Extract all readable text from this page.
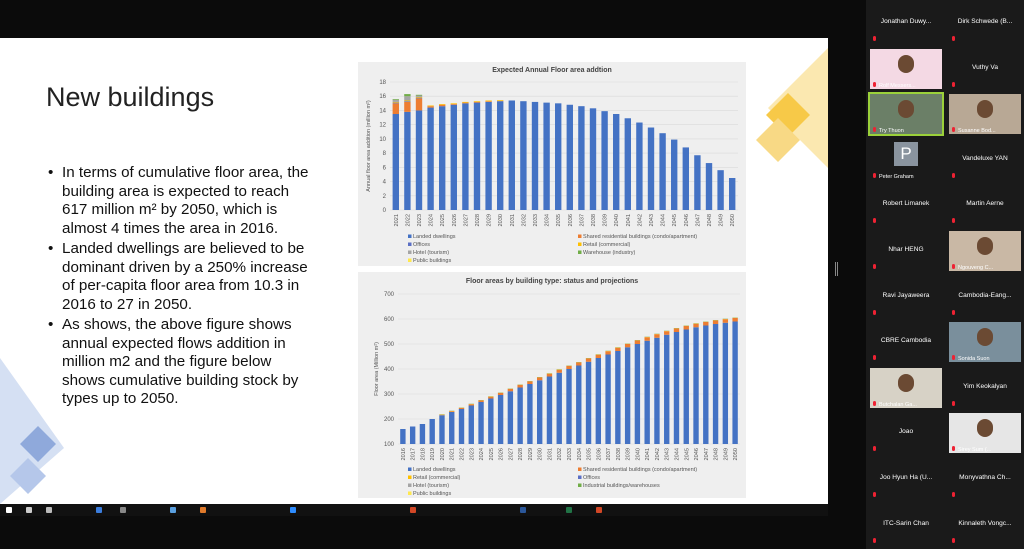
New buildings
• In terms of cumulative floor area, the building area is expected to reach 617 million m² by 2050, which is almost 4 times the area in 2016.
• Landed dwellings are believed to be dominant driven by a 250% increase of per-capita floor area from 10.3 in 2016 to 27 in 2050.
• As shows, the above figure shows annual expected flows addition in million m2 and the figure below shows cumulative building stock by types up to 2050.
Expected Annual Floor area addtion
0
2
4
6
8
10
12
14
16
18
Annual floor area addition (million m²)
2021 2022 2023 2024 2025 2026 2027 2028 2029 2030 2031 2032 2033 2034 2035 2036 2037 2038 2039 2040 2041 2042 2043 2044 2045 2046 2047 2048 2049 2050
Landed dwellings	Shared residential buildings (condo/apartment)
Offices	Retail (commercial)
Hotel (tourism)	Warehouse (industry)
Public buildings
Floor areas by building type: status and projections
100
200
300
400
500
600
700
Floor area (Million m²)
2016 2017 2018 2019 2020 2021 2022 2023 2024 2025 2026 2027 2028 2029 2030 2031 2032 2033 2034 2035 2036 2037 2038 2039 2040 2041 2042 2043 2044 2045 2046 2047 2048 2049 2050
Landed dwellings	Shared residential buildings (condo/apartment)
Retail (commercial)	Offices
Industrial buildings/warehouses
Hotel (tourism)
Public buildings
Jonathan Duwy...	Dirk Schwede (B...
Rolf Messers...
Vuthy Va
Try Thuon	Susanne Bod...
P
Peter Graham
Vandeluxe YAN
Robert Limanek	Martin Aerne
Nhar HENG
Ngouveng C...
Ravi Jayaweera	Cambodia-Eang...
CBRE Cambodia
Sonida Suon
Butchalan Ga...
Yim Keokalyan
Joao
Sirey Sum (...
Joo Hyun Ha (U...	Monyvathna Ch...
ITC-Sarin Chan	Kinnaleth Vongc...
